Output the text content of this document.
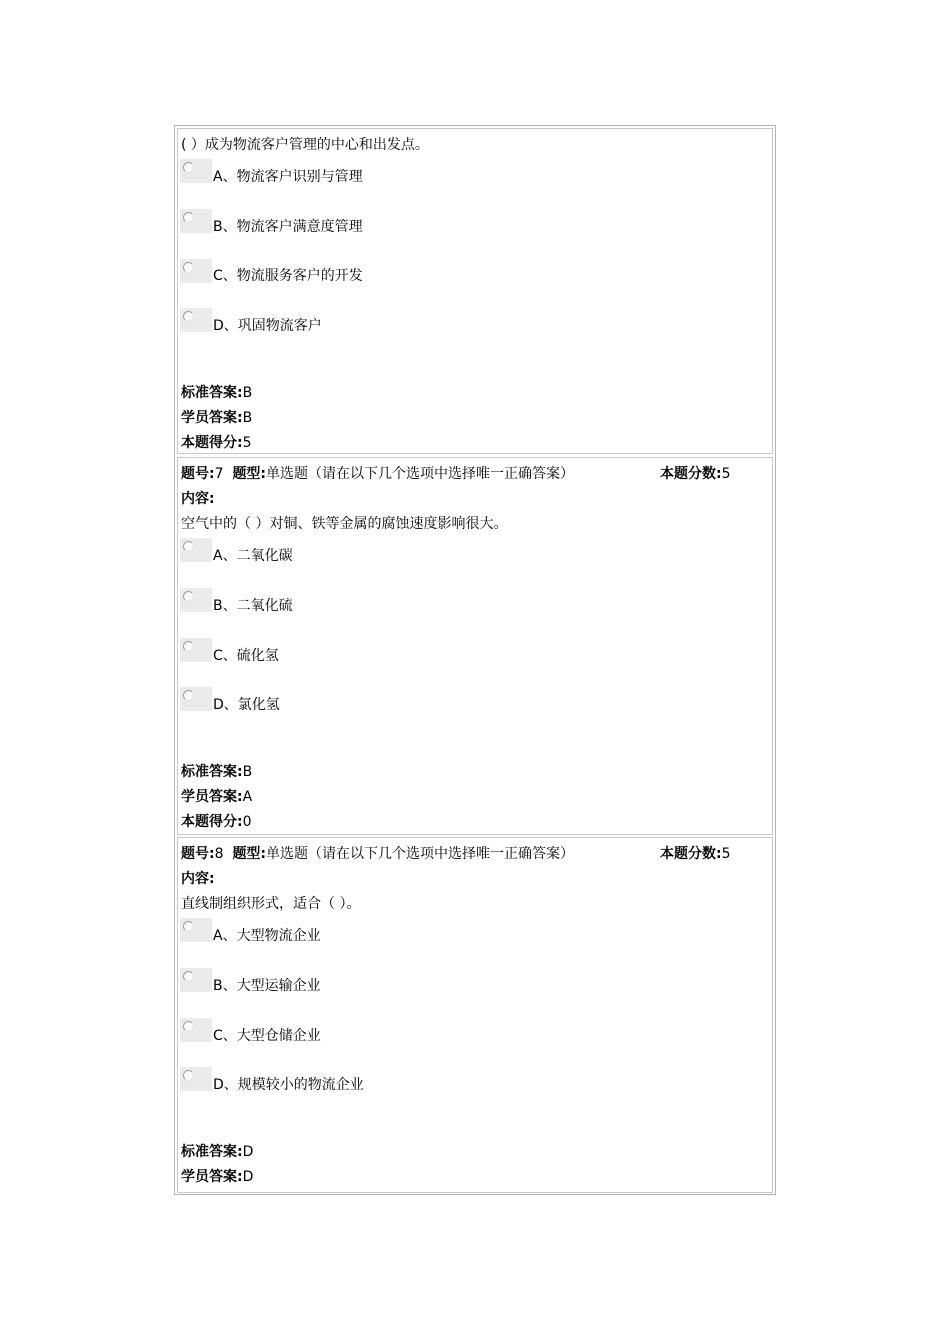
( ）成为物流客户管理的中心和出发点。
A、物流客户识别与管理
B、物流客户满意度管理
C、物流服务客户的开发
D、巩固物流客户
标准答案:B
学员答案:B
本题得分:5
题号:7 题型:单选题（请在以下几个选项中选择唯一正确答案）	本题分数:5
内容:
空气中的（ ）对铜、铁等金属的腐蚀速度影响很大。
A、二氧化碳
B、二氧化硫
C、硫化氢
D、氯化氢
标准答案:B
学员答案:A
本题得分:0
题号:8 题型:单选题（请在以下几个选项中选择唯一正确答案）	本题分数:5
内容:
直线制组织形式，适合（ ）。
A、大型物流企业
B、大型运输企业
C、大型仓储企业
D、规模较小的物流企业
标准答案:D
学员答案:D
